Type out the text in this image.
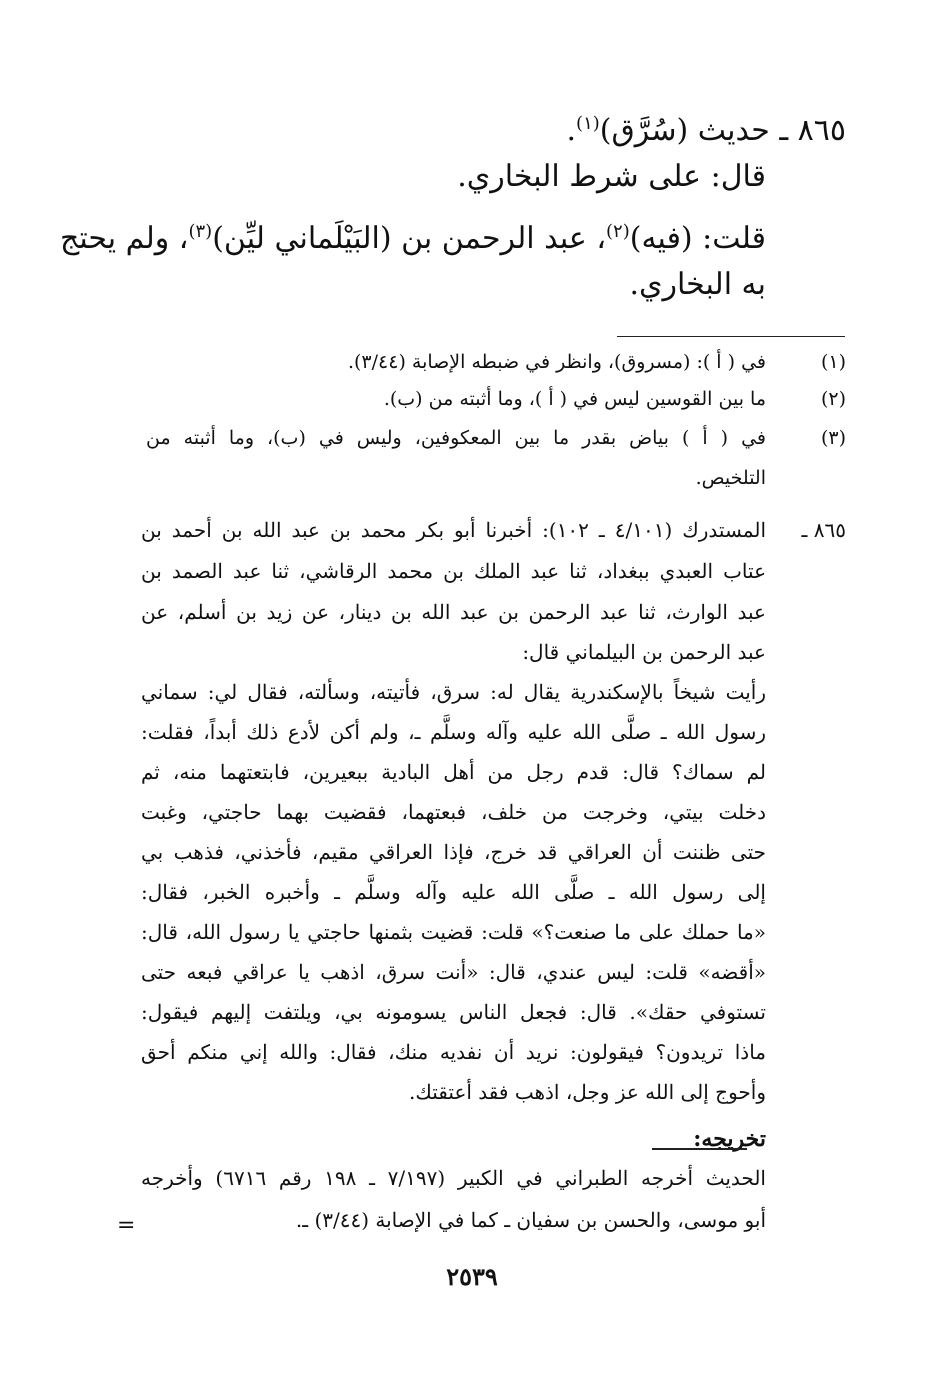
٨٦٥ ـ حديث (سُرَّق)$^{(١)}$.
قال: على شرط البخاري.
قلت: (فيه)$^{(٢)}$، عبد الرحمن بن (البَيْلَماني ليِّن)$^{(٣)}$، ولم يحتج
به البخاري.
(١)
في ( أ ): (مسروق)، وانظر في ضبطه الإصابة (٣/٤٤).
(٢)
ما بين القوسين ليس في ( أ )، وما أثبته من (ب).
(٣)
في ( أ ) بياض بقدر ما بين المعكوفين، وليس في (ب)، وما أثبته من
التلخيص.
٨٦٥ ـ
المستدرك (٤/١٠١ ـ ١٠٢): أخبرنا أبو بكر محمد بن عبد الله بن أحمد بن
عتاب العبدي ببغداد، ثنا عبد الملك بن محمد الرقاشي، ثنا عبد الصمد بن
عبد الوارث، ثنا عبد الرحمن بن عبد الله بن دينار، عن زيد بن أسلم، عن
عبد الرحمن بن البيلماني قال:
رأيت شيخاً بالإسكندرية يقال له: سرق، فأتيته، وسألته، فقال لي: سماني
رسول الله ـ صلَّى الله عليه وآله وسلَّم ـ، ولم أكن لأدع ذلك أبداً، فقلت:
لم سماك؟ قال: قدم رجل من أهل البادية ببعيرين، فابتعتهما منه، ثم
دخلت بيتي، وخرجت من خلف، فبعتهما، فقضيت بهما حاجتي، وغبت
حتى ظننت أن العراقي قد خرج، فإذا العراقي مقيم، فأخذني، فذهب بي
إلى رسول الله ـ صلَّى الله عليه وآله وسلَّم ـ وأخبره الخبر، فقال:
«ما حملك على ما صنعت؟» قلت: قضيت بثمنها حاجتي يا رسول الله، قال:
«أقضه» قلت: ليس عندي، قال: «أنت سرق، اذهب يا عراقي فبعه حتى
تستوفي حقك». قال: فجعل الناس يسومونه بي، ويلتفت إليهم فيقول:
ماذا تريدون؟ فيقولون: نريد أن نفديه منك، فقال: والله إني منكم أحق
وأحوج إلى الله عز وجل، اذهب فقد أعتقتك.
تخريجه:
الحديث أخرجه الطبراني في الكبير (٧/١٩٧ ـ ١٩٨ رقم ٦٧١٦) وأخرجه
أبو موسى، والحسن بن سفيان ـ كما في الإصابة (٣/٤٤) ـ.
=
٢٥٣٩
